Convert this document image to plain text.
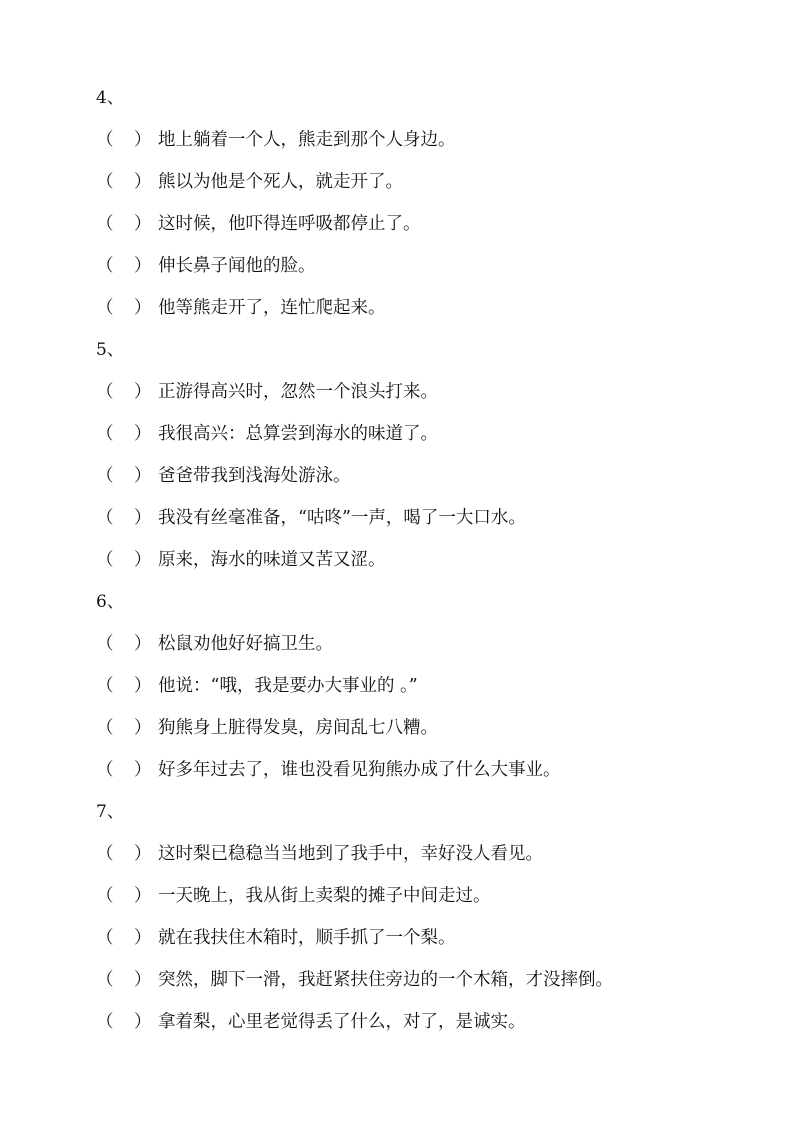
4、
（ ） 地上躺着一个人，熊走到那个人身边。
（ ） 熊以为他是个死人，就走开了。
（ ） 这时候，他吓得连呼吸都停止了。
（ ） 伸长鼻子闻他的脸。
（ ） 他等熊走开了，连忙爬起来。
5、
（ ） 正游得高兴时，忽然一个浪头打来。
（ ） 我很高兴：总算尝到海水的味道了。
（ ） 爸爸带我到浅海处游泳。
（ ） 我没有丝毫准备，“咕咚”一声，喝了一大口水。
（ ） 原来，海水的味道又苦又涩。
6、
（ ） 松鼠劝他好好搞卫生。
（ ） 他说：“哦，我是要办大事业的 。”
（ ） 狗熊身上脏得发臭，房间乱七八糟。
（ ） 好多年过去了，谁也没看见狗熊办成了什么大事业。
7、
（ ） 这时梨已稳稳当当地到了我手中，幸好没人看见。
（ ） 一天晚上，我从街上卖梨的摊子中间走过。
（ ） 就在我扶住木箱时，顺手抓了一个梨。
（ ） 突然，脚下一滑，我赶紧扶住旁边的一个木箱，才没摔倒。
（ ） 拿着梨，心里老觉得丢了什么，对了，是诚实。
